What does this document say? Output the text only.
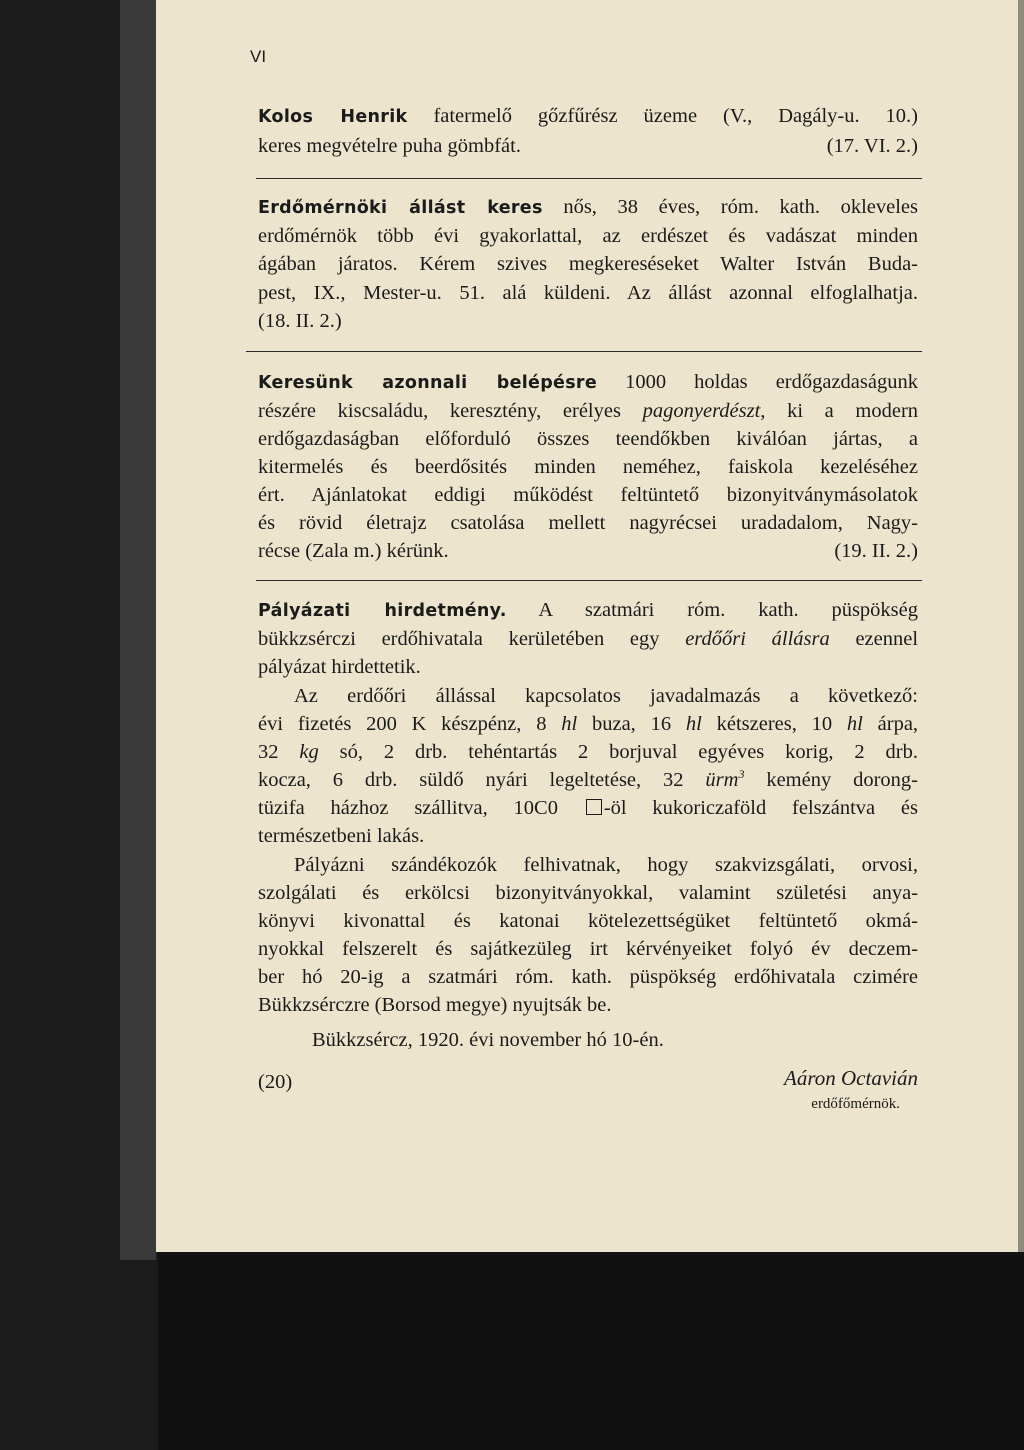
VI
Kolos Henrik fatermelő gőzfűrész üzeme (V., Dagály-u. 10.)
keres megvételre puha gömbfát.	(17. VI. 2.)
Erdőmérnöki állást keres nős, 38 éves, róm. kath. okleveles
erdőmérnök több évi gyakorlattal, az erdészet és vadászat minden
ágában járatos. Kérem szives megkereséseket Walter István Buda-
pest, IX., Mester-u. 51. alá küldeni. Az állást azonnal elfoglalhatja.
(18. II. 2.)
Keresünk azonnali belépésre 1000 holdas erdőgazdaságunk
részére kiscsaládu, keresztény, erélyes pagonyerdészt, ki a modern
erdőgazdaságban előforduló összes teendőkben kiválóan jártas, a
kitermelés és beerdősités minden neméhez, faiskola kezeléséhez
ért. Ajánlatokat eddigi működést feltüntető bizonyitványmásolatok
és rövid életrajz csatolása mellett nagyrécsei uradadalom, Nagy-
récse (Zala m.) kérünk.	(19. II. 2.)
Pályázati hirdetmény. A szatmári róm. kath. püspökség
bükkzsérczi erdőhivatala kerületében egy erdőőri állásra ezennel
pályázat hirdettetik.
Az erdőőri állással kapcsolatos javadalmazás a következő:
évi fizetés 200 K készpénz, 8 hl buza, 16 hl kétszeres, 10 hl árpa,
32 kg só, 2 drb. tehéntartás 2 borjuval egyéves korig, 2 drb.
kocza, 6 drb. süldő nyári legeltetése, 32 ürm$^3$ kemény dorong-
tüzifa házhoz szállitva, 10C0 -öl kukoriczaföld felszántva és
természetbeni lakás.
Pályázni szándékozók felhivatnak, hogy szakvizsgálati, orvosi,
szolgálati és erkölcsi bizonyitványokkal, valamint születési anya-
könyvi kivonattal és katonai kötelezettségüket feltüntető okmá-
nyokkal felszerelt és sajátkezüleg irt kérvényeiket folyó év deczem-
ber hó 20-ig a szatmári róm. kath. püspökség erdőhivatala czimére
Bükkzsérczre (Borsod megye) nyujtsák be.
Bükkzsércz, 1920. évi november hó 10-én.
(20)	Aáron Octavián
erdőfőmérnök.
